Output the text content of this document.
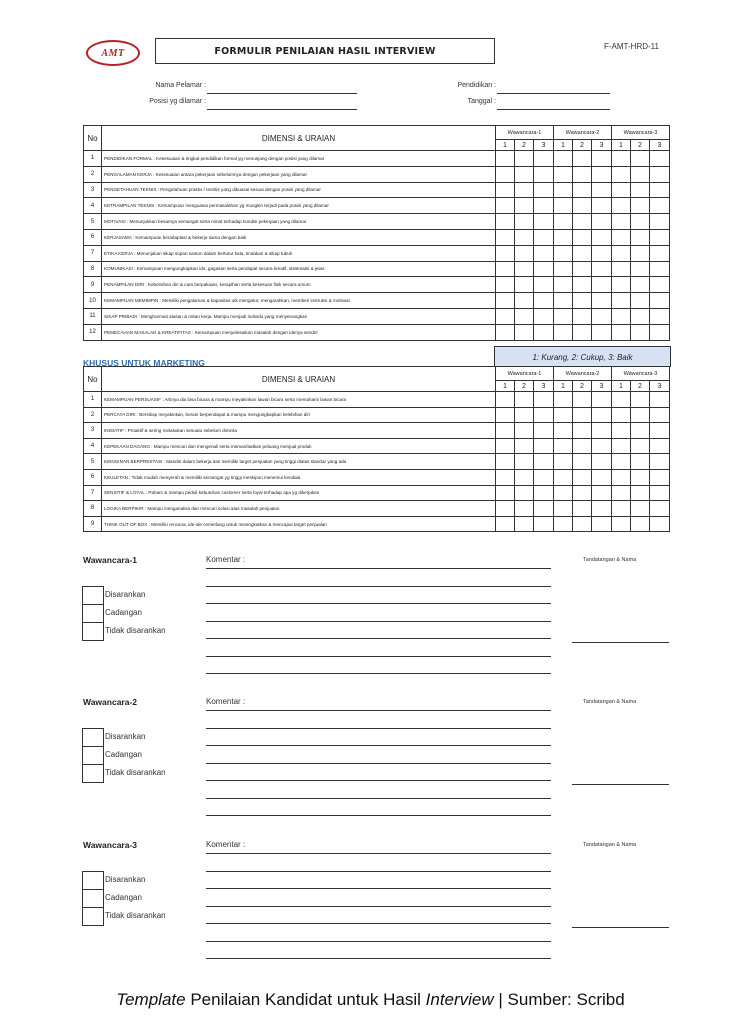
AMT	FORMULIR PENILAIAN HASIL INTERVIEW	F-AMT-HRD-11
Nama Pelamar :
Posisi yg dilamar :
Pendidikan :
Tanggal :
No	DIMENSI & URAIAN	Wawancara-1			Wawancara-2			Wawancara-3		
		1	2	3	1	2	3	1	2	3
1	PENDIDIKAN FORMAL : Kesesuaian & tingkat pendidikan formal yg menunjang dengan posisi yang dilamar									
2	PENGALAMAN KERJA : Kesesuaian antara pekerjaan sebelumnya dengan pekerjaan yang dilamar									
3	PENGETAHUAN TEKNIS : Pengetahuan praktis / teoritis yang dikuasai sesuai dengan posisi yang dilamar									
4	KETRAMPILAN TEKNIS : Kemampuan menguasai permasalahan yg mungkin terjadi pada posisi yang dilamar									
5	MOTIVASI : Menunjukkan besarnya semangat serta minat terhadap kondisi pekerjaan yang dilamar									
6	KERJASAMA : Kemampuan beradaptasi & bekerja sama dengan baik									
7	ETIKA KERJA : Menunjukan sikap sopan santun dalam bertutur kata, tindakan & sikap tubuh									
8	KOMUNIKASI : Kemampuan mengungkapkan ide, gagasan serta pendapat secara kreatif, sistematis & jelas									
9	PENAMPILAN DIRI : Kebersihan diri & cara berpakaian, kerapihan serta kesesuan fisik secara umum									
10	KEMAMPUAN MEMIMPIN : Memiliki pengalaman & kapasitas utk mengatur, mengarahkan, memberi instruksi & motivasi									
11	SIKAP PRIBADI : Menghormati atasan & rekan kerja. Mampu menjadi individu yang menyenangkan									
12	PEMECAHAN MASALAH & KREATIFITAS : Kemampuan menyelesaikan masalah dengan idenya sendiri									
KHUSUS UNTUK MARKETING
1: Kurang, 2: Cukup, 3: Baik
No	DIMENSI & URAIAN	Wawancara-1			Wawancara-2			Wawancara-3		
		1	2	3	1	2	3	1	2	3
1	KEMAMPUAN PERSUASIF : Artinya dia bisa bicara & mampu meyakinkan lawan bicara serta memahami lawan bicara									
2	PERCAYA DIRI : Bersikap meyakinkan, berani berpendapat & mampu mengungkapkan kelebihan diri									
3	INISIATIF : Proaktif & sering melakukan sesuatu sebelum diminta									
4	KEPEKAAN DAGANG : Mampu mencari dan mengenali serta memanfaatkan peluang menjual produk									
5	KEINGINAN BERPRESTASI : Mandiri dalam bekerja dan memiliki target penjualan yang tinggi diatas standar yang ada									
6	KEULETAN : Tidak mudah menyerah & memiliki semangat yg tinggi meskipun menemui kendala									
7	SENSITIF & LOYAL : Paham & mampu peduli kebutuhan customer serta loyal terhadap apa yg dikerjakan									
8	LOGIKA BERPIKIR : Mampu menganalisa dan mencari solusi atas masalah penjualan									
9	THINK OUT OF BOX : Memiliki rencana, ide-ide cemerlang untuk meningkatkan & mencapai target penjualan									
Wawancara-1	Komentar :	Tandatangan & Nama
Disarankan
Cadangan
Tidak disarankan
Wawancara-2	Komentar :	Tandatangan & Nama
Disarankan
Cadangan
Tidak disarankan
Wawancara-3	Komentar :	Tandatangan & Nama
Disarankan
Cadangan
Tidak disarankan
Template Penilaian Kandidat untuk Hasil Interview | Sumber: Scribd
